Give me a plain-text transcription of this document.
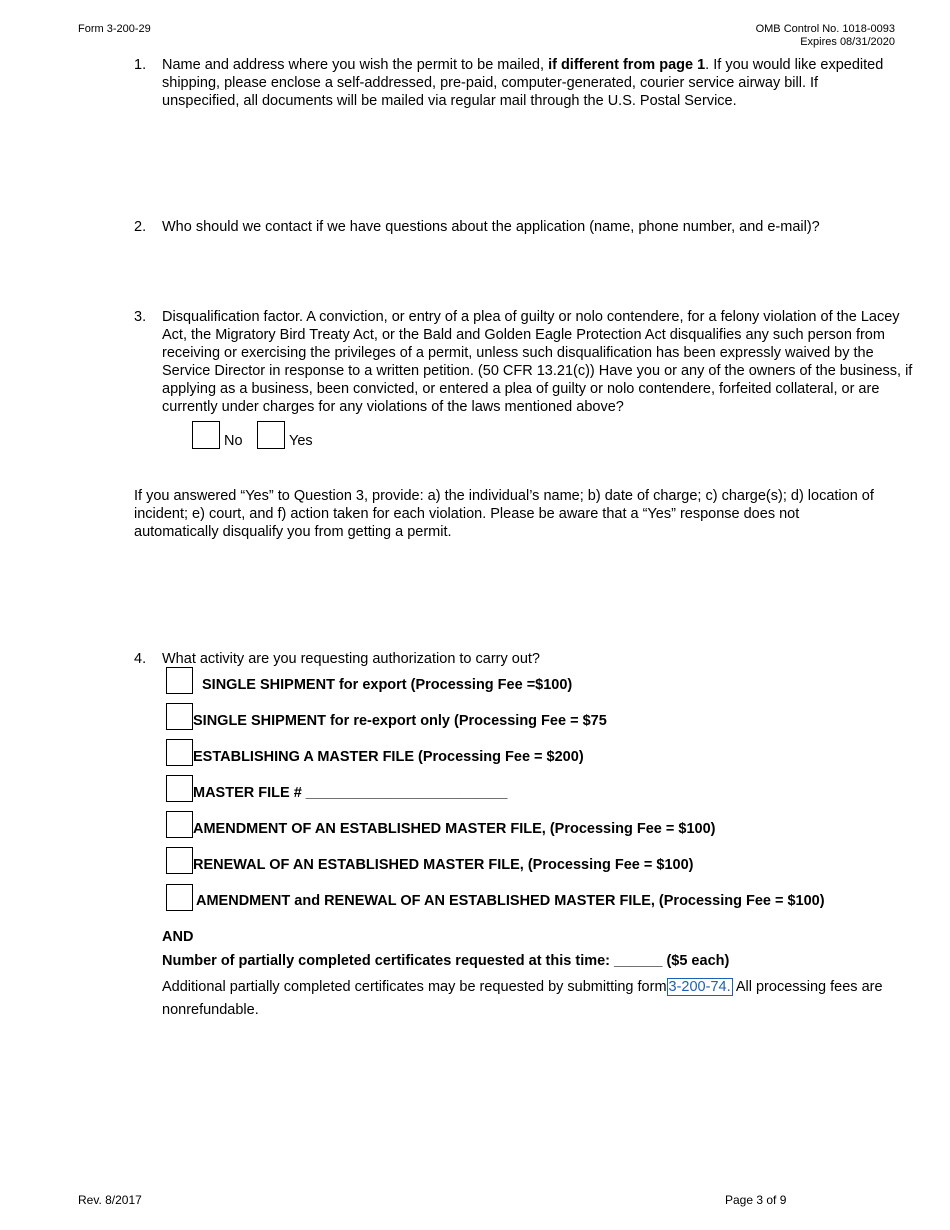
Form 3-200-29	OMB Control No. 1018-0093
Expires 08/31/2020
1. Name and address where you wish the permit to be mailed, if different from page 1. If you would like expedited shipping, please enclose a self-addressed, pre-paid, computer-generated, courier service airway bill. If unspecified, all documents will be mailed via regular mail through the U.S. Postal Service.
2. Who should we contact if we have questions about the application (name, phone number, and e-mail)?
3. Disqualification factor. A conviction, or entry of a plea of guilty or nolo contendere, for a felony violation of the Lacey Act, the Migratory Bird Treaty Act, or the Bald and Golden Eagle Protection Act disqualifies any such person from receiving or exercising the privileges of a permit, unless such disqualification has been expressly waived by the Service Director in response to a written petition. (50 CFR 13.21(c)) Have you or any of the owners of the business, if applying as a business, been convicted, or entered a plea of guilty or nolo contendere, forfeited collateral, or are currently under charges for any violations of the laws mentioned above?
No	Yes
If you answered “Yes” to Question 3, provide: a) the individual’s name; b) date of charge; c) charge(s); d) location of incident; e) court, and f) action taken for each violation. Please be aware that a “Yes” response does not automatically disqualify you from getting a permit.
4. What activity are you requesting authorization to carry out?
SINGLE SHIPMENT for export (Processing Fee =$100)
SINGLE SHIPMENT for re-export only (Processing Fee = $75
ESTABLISHING A MASTER FILE (Processing Fee = $200)
MASTER FILE # _________________________
AMENDMENT OF AN ESTABLISHED MASTER FILE, (Processing Fee = $100)
RENEWAL OF AN ESTABLISHED MASTER FILE, (Processing Fee = $100)
AMENDMENT and RENEWAL OF AN ESTABLISHED MASTER FILE, (Processing Fee = $100)
AND
Number of partially completed certificates requested at this time: ______ ($5 each)
Additional partially completed certificates may be requested by submitting form 3-200-74. All processing fees are nonrefundable.
Rev. 8/2017	Page 3 of 9
